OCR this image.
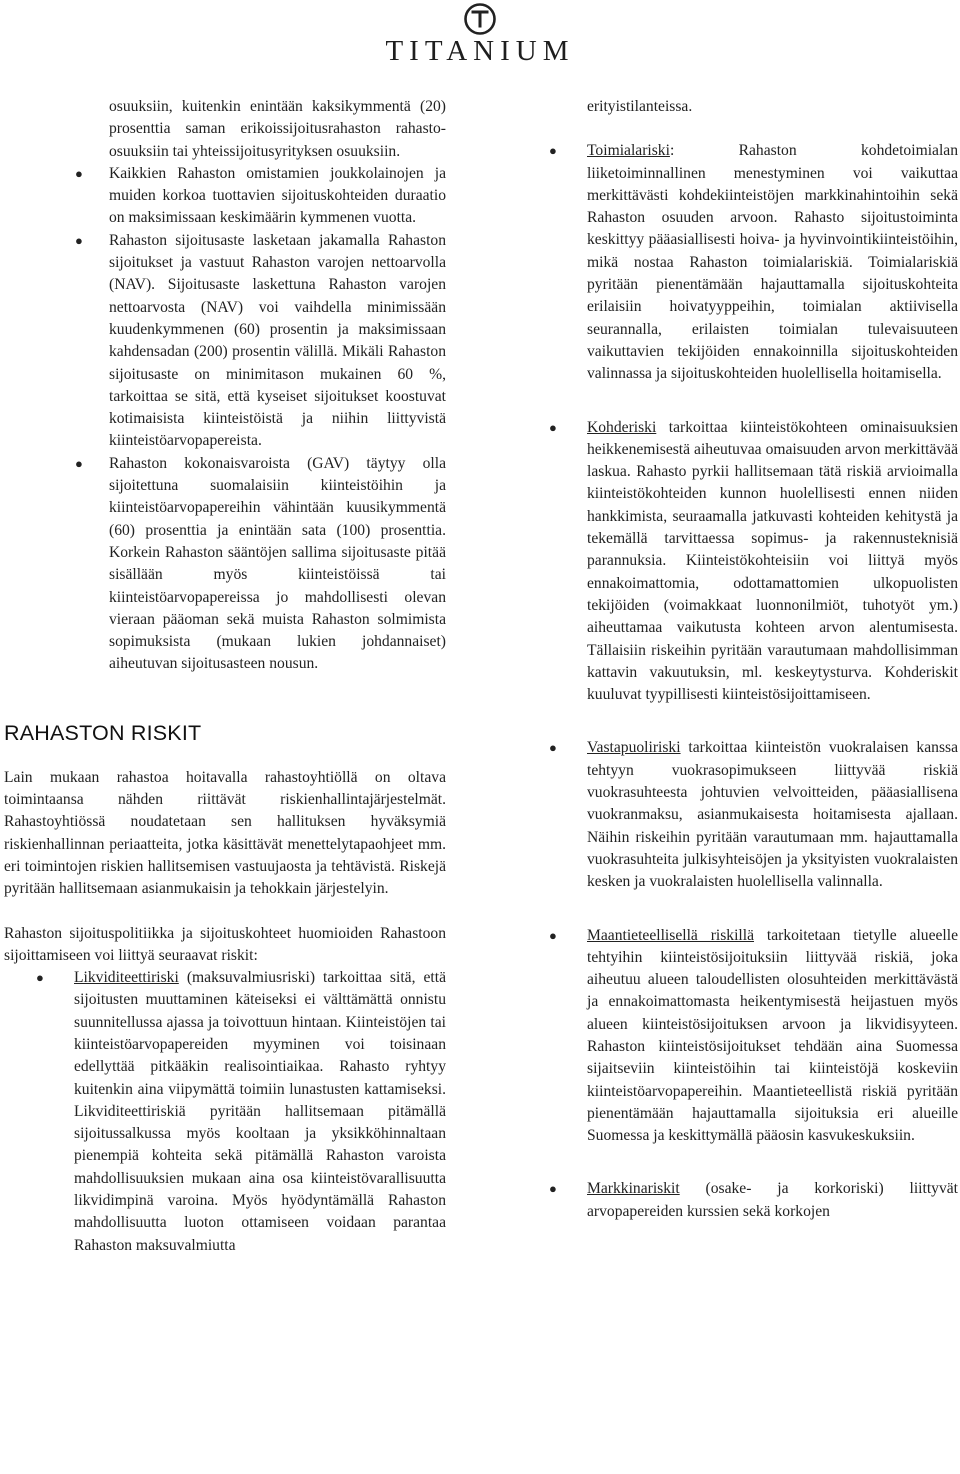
TITANIUM

osuuksiin, kuitenkin enintään kaksikymmentä (20) prosenttia saman erikoissijoitusrahaston rahasto-osuuksiin tai yhteissijoitusyrityksen osuuksiin.

● Kaikkien Rahaston omistamien joukkolainojen ja muiden korkoa tuottavien sijoituskohteiden duraatio on maksimissaan keskimäärin kymmenen vuotta.
● Rahaston sijoitusaste lasketaan jakamalla Rahaston sijoitukset ja vastuut Rahaston varojen nettoarvolla (NAV). Sijoitusaste laskettuna Rahaston varojen nettoarvosta (NAV) voi vaihdella minimissään kuudenkymmenen (60) prosentin ja maksimissaan kahdensadan (200) prosentin välillä. Mikäli Rahaston sijoitusaste on minimitason mukainen 60 %, tarkoittaa se sitä, että kyseiset sijoitukset koostuvat kotimaisista kiinteistöistä ja niihin liittyvistä kiinteistöarvopapereista.
● Rahaston kokonaisvaroista (GAV) täytyy olla sijoitettuna suomalaisiin kiinteistöihin ja kiinteistöarvopapereihin vähintään kuusikymmentä (60) prosenttia ja enintään sata (100) prosenttia. Korkein Rahaston sääntöjen sallima sijoitusaste pitää sisällään myös kiinteistöissä tai kiinteistöarvopapereissa jo mahdollisesti olevan vieraan pääoman sekä muista Rahaston solmimista sopimuksista (mukaan lukien johdannaiset) aiheutuvan sijoitusasteen nousun.
RAHASTON RISKIT

Lain mukaan rahastoa hoitavalla rahastoyhtiöllä on oltava toimintaansa nähden riittävät riskienhallintajärjestelmät. Rahastoyhtiössä noudatetaan sen hallituksen hyväksymiä riskienhallinnan periaatteita, jotka käsittävät menettelytapaohjeet mm. eri toimintojen riskien hallitsemisen vastuujaosta ja tehtävistä. Riskejä pyritään hallitsemaan asianmukaisin ja tehokkain järjestelyin.

Rahaston sijoituspolitiikka ja sijoituskohteet huomioiden Rahastoon sijoittamiseen voi liittyä seuraavat riskit:

● Likviditeettiriski (maksuvalmiusriski) tarkoittaa sitä, että sijoitusten muuttaminen käteiseksi ei välttämättä onnistu suunnitellussa ajassa ja toivottuun hintaan. Kiinteistöjen tai kiinteistöarvopapereiden myyminen voi toisinaan edellyttää pitkääkin realisointiaikaa. Rahasto ryhtyy kuitenkin aina viipymättä toimiin lunastusten kattamiseksi. Likviditeettiriskiä pyritään hallitsemaan pitämällä sijoitussalkussa myös kooltaan ja yksikköhinnaltaan pienempiä kohteita sekä pitämällä Rahaston varoista mahdollisuuksien mukaan aina osa kiinteistövarallisuutta likvidimpinä varoina. Myös hyödyntämällä Rahaston mahdollisuutta luoton ottamiseen voidaan parantaa Rahaston maksuvalmiutta

erityistilanteissa.

● Toimialariski: Rahaston kohdetoimialan liiketoiminnallinen menestyminen voi vaikuttaa merkittävästi kohdekiinteistöjen markkinahintoihin sekä Rahaston osuuden arvoon. Rahasto sijoitustoiminta keskittyy pääasiallisesti hoiva- ja hyvinvointikiinteistöihin, mikä nostaa Rahaston toimialariskiä. Toimialariskiä pyritään pienentämään hajauttamalla sijoituskohteita erilaisiin hoivatyyppeihin, toimialan aktiivisella seurannalla, erilaisten toimialan tulevaisuuteen vaikuttavien tekijöiden ennakoinnilla sijoituskohteiden valinnassa ja sijoituskohteiden huolellisella hoitamisella.
● Kohderiski tarkoittaa kiinteistökohteen ominaisuuksien heikkenemisestä aiheutuvaa omaisuuden arvon merkittävää laskua. Rahasto pyrkii hallitsemaan tätä riskiä arvioimalla kiinteistökohteiden kunnon huolellisesti ennen niiden hankkimista, seuraamalla jatkuvasti kohteiden kehitystä ja tekemällä tarvittaessa sopimus- ja rakennusteknisiä parannuksia. Kiinteistökohteisiin voi liittyä myös ennakoimattomia, odottamattomien ulkopuolisten tekijöiden (voimakkaat luonnonilmiöt, tuhotyöt ym.) aiheuttamaa vaikutusta kohteen arvon alentumisesta. Tällaisiin riskeihin pyritään varautumaan mahdollisimman kattavin vakuutuksin, ml. keskeytysturva. Kohderiskit kuuluvat tyypillisesti kiinteistösijoittamiseen.
● Vastapuoliriski tarkoittaa kiinteistön vuokralaisen kanssa tehtyyn vuokrasopimukseen liittyvää riskiä vuokrasuhteesta johtuvien velvoitteiden, pääasiallisena vuokranmaksu, asianmukaisesta hoitamisesta ajallaan. Näihin riskeihin pyritään varautumaan mm. hajauttamalla vuokrasuhteita julkisyhteisöjen ja yksityisten vuokralaisten kesken ja vuokralaisten huolellisella valinnalla.
● Maantieteellisellä riskillä tarkoitetaan tietylle alueelle tehtyihin kiinteistösijoituksiin liittyvää riskiä, joka aiheutuu alueen taloudellisten olosuhteiden merkittävästä ja ennakoimattomasta heikentymisestä heijastuen myös alueen kiinteistösijoituksen arvoon ja likvidisyyteen. Rahaston kiinteistösijoitukset tehdään aina Suomessa sijaitseviin kiinteistöihin tai kiinteistöjä koskeviin kiinteistöarvopapereihin. Maantieteellistä riskiä pyritään pienentämään hajauttamalla sijoituksia eri alueille Suomessa ja keskittymällä pääosin kasvukeskuksiin.
● Markkinariskit (osake- ja korkoriski) liittyvät arvopapereiden kurssien sekä korkojen
